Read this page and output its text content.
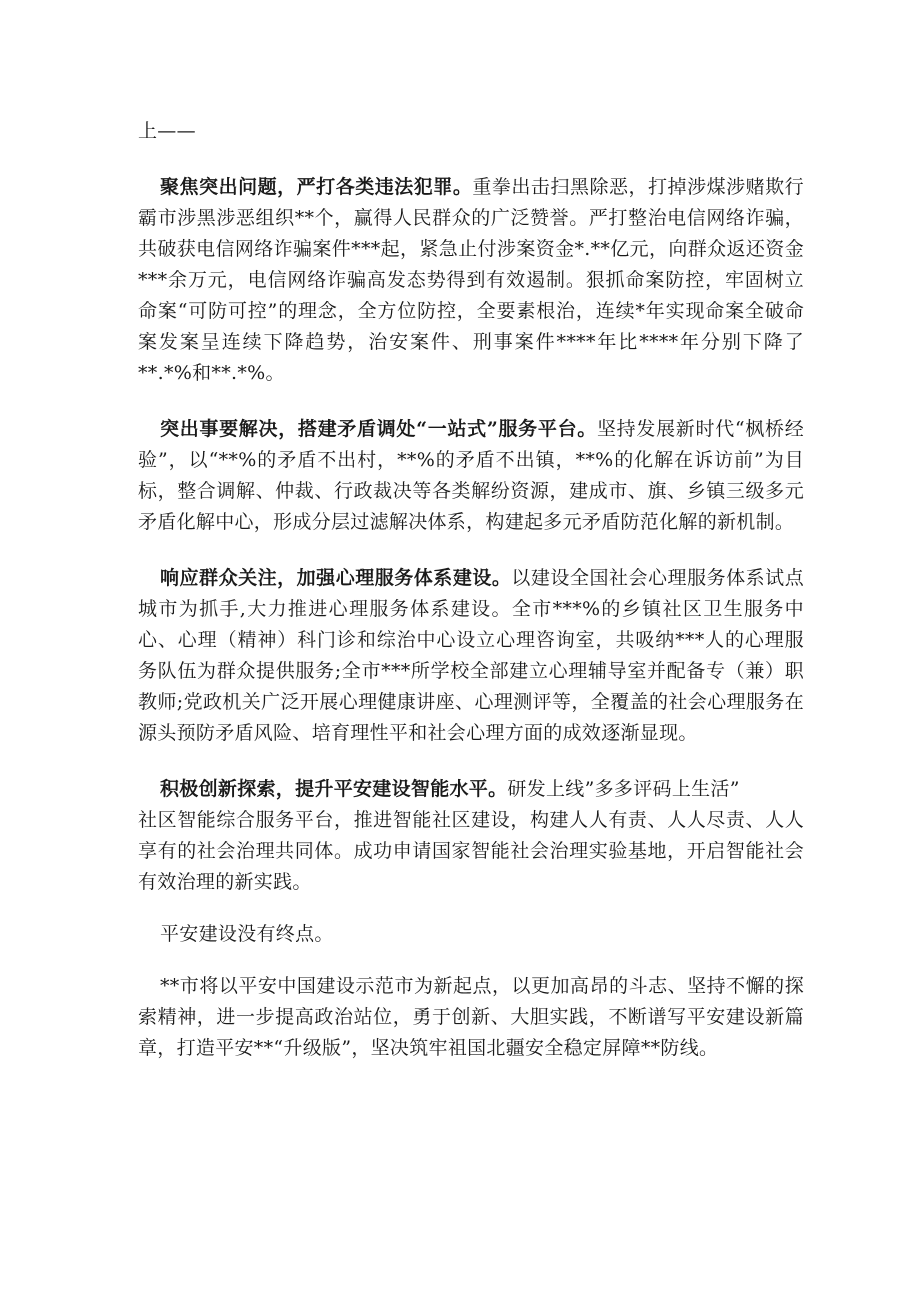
上——

聚焦突出问题，严打各类违法犯罪。重拳出击扫黑除恶，打掉涉煤涉赌欺行霸市涉黑涉恶组织**个，赢得人民群众的广泛赞誉。严打整治电信网络诈骗，共破获电信网络诈骗案件***起，紧急止付涉案资金*.**亿元，向群众返还资金***余万元，电信网络诈骗高发态势得到有效遏制。狠抓命案防控，牢固树立命案“可防可控”的理念，全方位防控，全要素根治，连续*年实现命案全破命案发案呈连续下降趋势，治安案件、刑事案件****年比****年分别下降了**.*%和**.*%。

突出事要解决，搭建矛盾调处“一站式”服务平台。坚持发展新时代“枫桥经验”，以“**%的矛盾不出村，**%的矛盾不出镇，**%的化解在诉访前”为目标，整合调解、仲裁、行政裁决等各类解纷资源，建成市、旗、乡镇三级多元矛盾化解中心，形成分层过滤解决体系，构建起多元矛盾防范化解的新机制。

响应群众关注，加强心理服务体系建设。以建设全国社会心理服务体系试点城市为抓手,大力推进心理服务体系建设。全市***%的乡镇社区卫生服务中心、心理（精神）科门诊和综治中心设立心理咨询室，共吸纳***人的心理服务队伍为群众提供服务;全市***所学校全部建立心理辅导室并配备专（兼）职教师;党政机关广泛开展心理健康讲座、心理测评等，全覆盖的社会心理服务在源头预防矛盾风险、培育理性平和社会心理方面的成效逐渐显现。

积极创新探索，提升平安建设智能水平。研发上线”多多评码上生活”

社区智能综合服务平台，推进智能社区建设，构建人人有责、人人尽责、人人享有的社会治理共同体。成功申请国家智能社会治理实验基地，开启智能社会有效治理的新实践。

平安建设没有终点。

**市将以平安中国建设示范市为新起点，以更加高昂的斗志、坚持不懈的探索精神，进一步提高政治站位，勇于创新、大胆实践，不断谱写平安建设新篇章，打造平安**“升级版”，坚决筑牢祖国北疆安全稳定屏障**防线。
